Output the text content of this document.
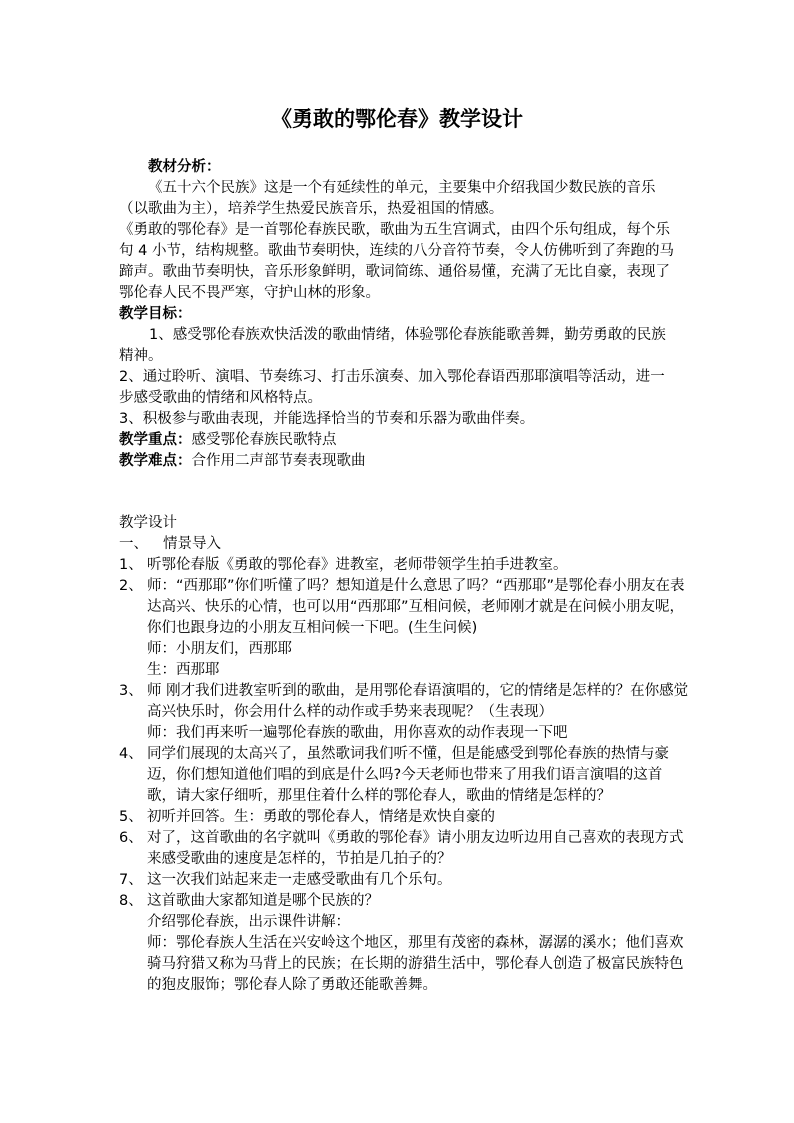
《勇敢的鄂伦春》教学设计

教材分析：

《五十六个民族》这是一个有延续性的单元，主要集中介绍我国少数民族的音乐（以歌曲为主），培养学生热爱民族音乐，热爱祖国的情感。

《勇敢的鄂伦春》是一首鄂伦春族民歌，歌曲为五生宫调式，由四个乐句组成，每个乐句 4 小节，结构规整。歌曲节奏明快，连续的八分音符节奏，令人仿佛听到了奔跑的马蹄声。歌曲节奏明快，音乐形象鲜明，歌词简练、通俗易懂，充满了无比自豪，表现了鄂伦春人民不畏严寒，守护山林的形象。

教学目标：

1、感受鄂伦春族欢快活泼的歌曲情绪，体验鄂伦春族能歌善舞，勤劳勇敢的民族精神。

2、通过聆听、演唱、节奏练习、打击乐演奏、加入鄂伦春语西那耶演唱等活动，进一步感受歌曲的情绪和风格特点。

3、积极参与歌曲表现，并能选择恰当的节奏和乐器为歌曲伴奏。

教学重点：感受鄂伦春族民歌特点

教学难点：合作用二声部节奏表现歌曲

教学设计
一、 情景导入
1、 听鄂伦春版《勇敢的鄂伦春》进教室，老师带领学生拍手进教室。
2、 师：“西那耶”你们听懂了吗？想知道是什么意思了吗？“西那耶”是鄂伦春小朋友在表达高兴、快乐的心情，也可以用“西那耶”互相问候，老师刚才就是在问候小朋友呢，你们也跟身边的小朋友互相问候一下吧。(生生问候)
师：小朋友们，西那耶
生：西那耶
3、 师 刚才我们进教室听到的歌曲，是用鄂伦春语演唱的，它的情绪是怎样的？在你感觉高兴快乐时，你会用什么样的动作或手势来表现呢？（生表现）
师：我们再来听一遍鄂伦春族的歌曲，用你喜欢的动作表现一下吧
4、 同学们展现的太高兴了，虽然歌词我们听不懂，但是能感受到鄂伦春族的热情与豪迈，你们想知道他们唱的到底是什么吗?今天老师也带来了用我们语言演唱的这首歌，请大家仔细听，那里住着什么样的鄂伦春人，歌曲的情绪是怎样的？
5、 初听并回答。生：勇敢的鄂伦春人，情绪是欢快自豪的
6、 对了，这首歌曲的名字就叫《勇敢的鄂伦春》请小朋友边听边用自己喜欢的表现方式来感受歌曲的速度是怎样的，节拍是几拍子的？
7、 这一次我们站起来走一走感受歌曲有几个乐句。
8、 这首歌曲大家都知道是哪个民族的？
介绍鄂伦春族，出示课件讲解：
师：鄂伦春族人生活在兴安岭这个地区，那里有茂密的森林，潺潺的溪水；他们喜欢骑马狩猎又称为马背上的民族；在长期的游猎生活中，鄂伦春人创造了极富民族特色的狍皮服饰；鄂伦春人除了勇敢还能歌善舞。
